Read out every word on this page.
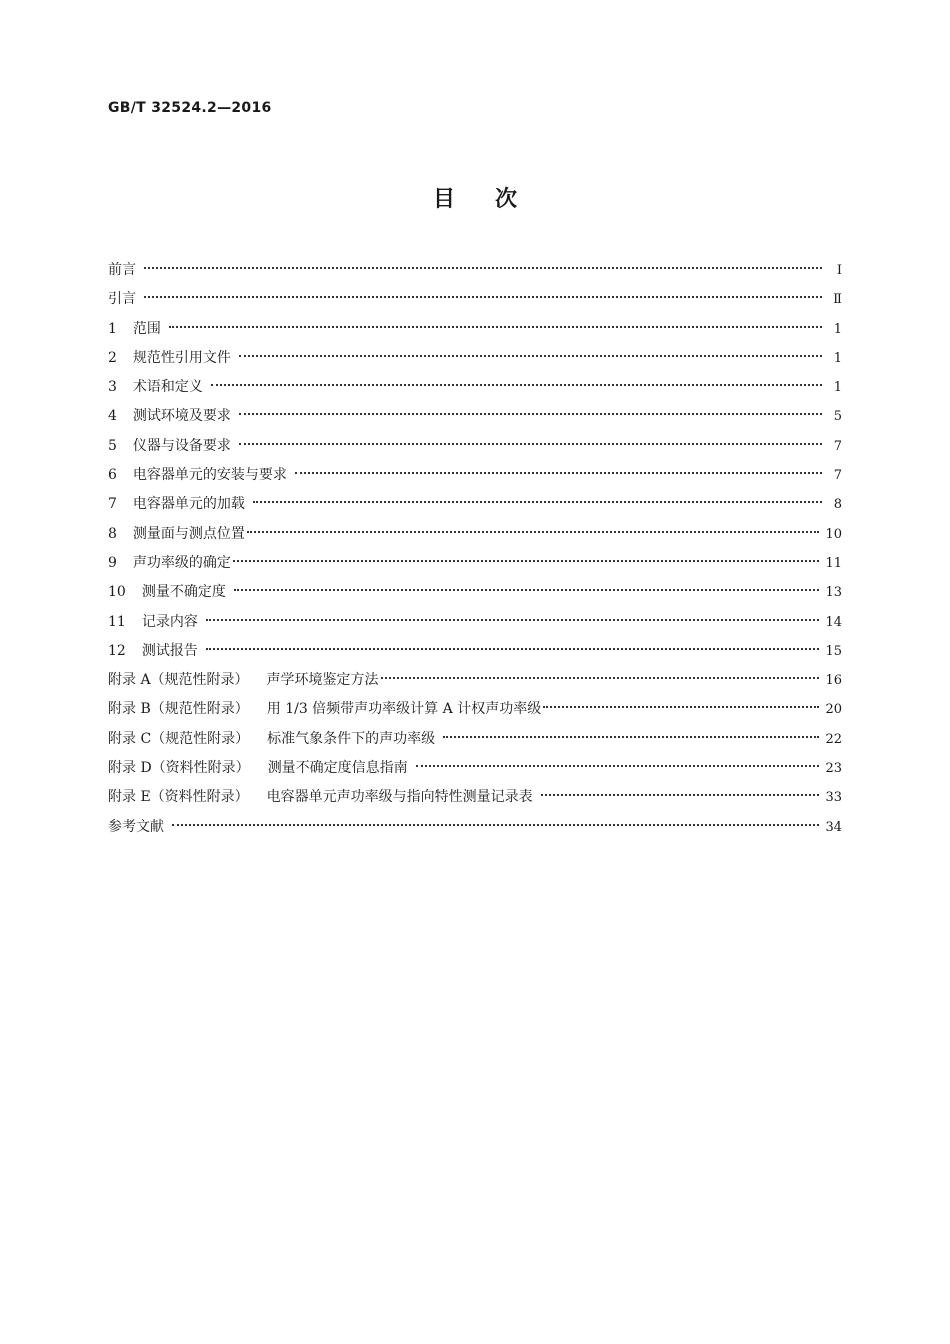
GB/T 32524.2—2016
目次
前言	Ⅰ
引言	Ⅱ
1 范围	1
2 规范性引用文件	1
3 术语和定义	1
4 测试环境及要求	5
5 仪器与设备要求	7
6 电容器单元的安装与要求	7
7 电容器单元的加载	8
8 测量面与测点位置	10
9 声功率级的确定	11
10 测量不确定度	13
11 记录内容	14
12 测试报告	15
附录 A（规范性附录） 声学环境鉴定方法	16
附录 B（规范性附录） 用 1/3 倍频带声功率级计算 A 计权声功率级	20
附录 C（规范性附录） 标准气象条件下的声功率级	22
附录 D（资料性附录） 测量不确定度信息指南	23
附录 E（资料性附录） 电容器单元声功率级与指向特性测量记录表	33
参考文献	34
